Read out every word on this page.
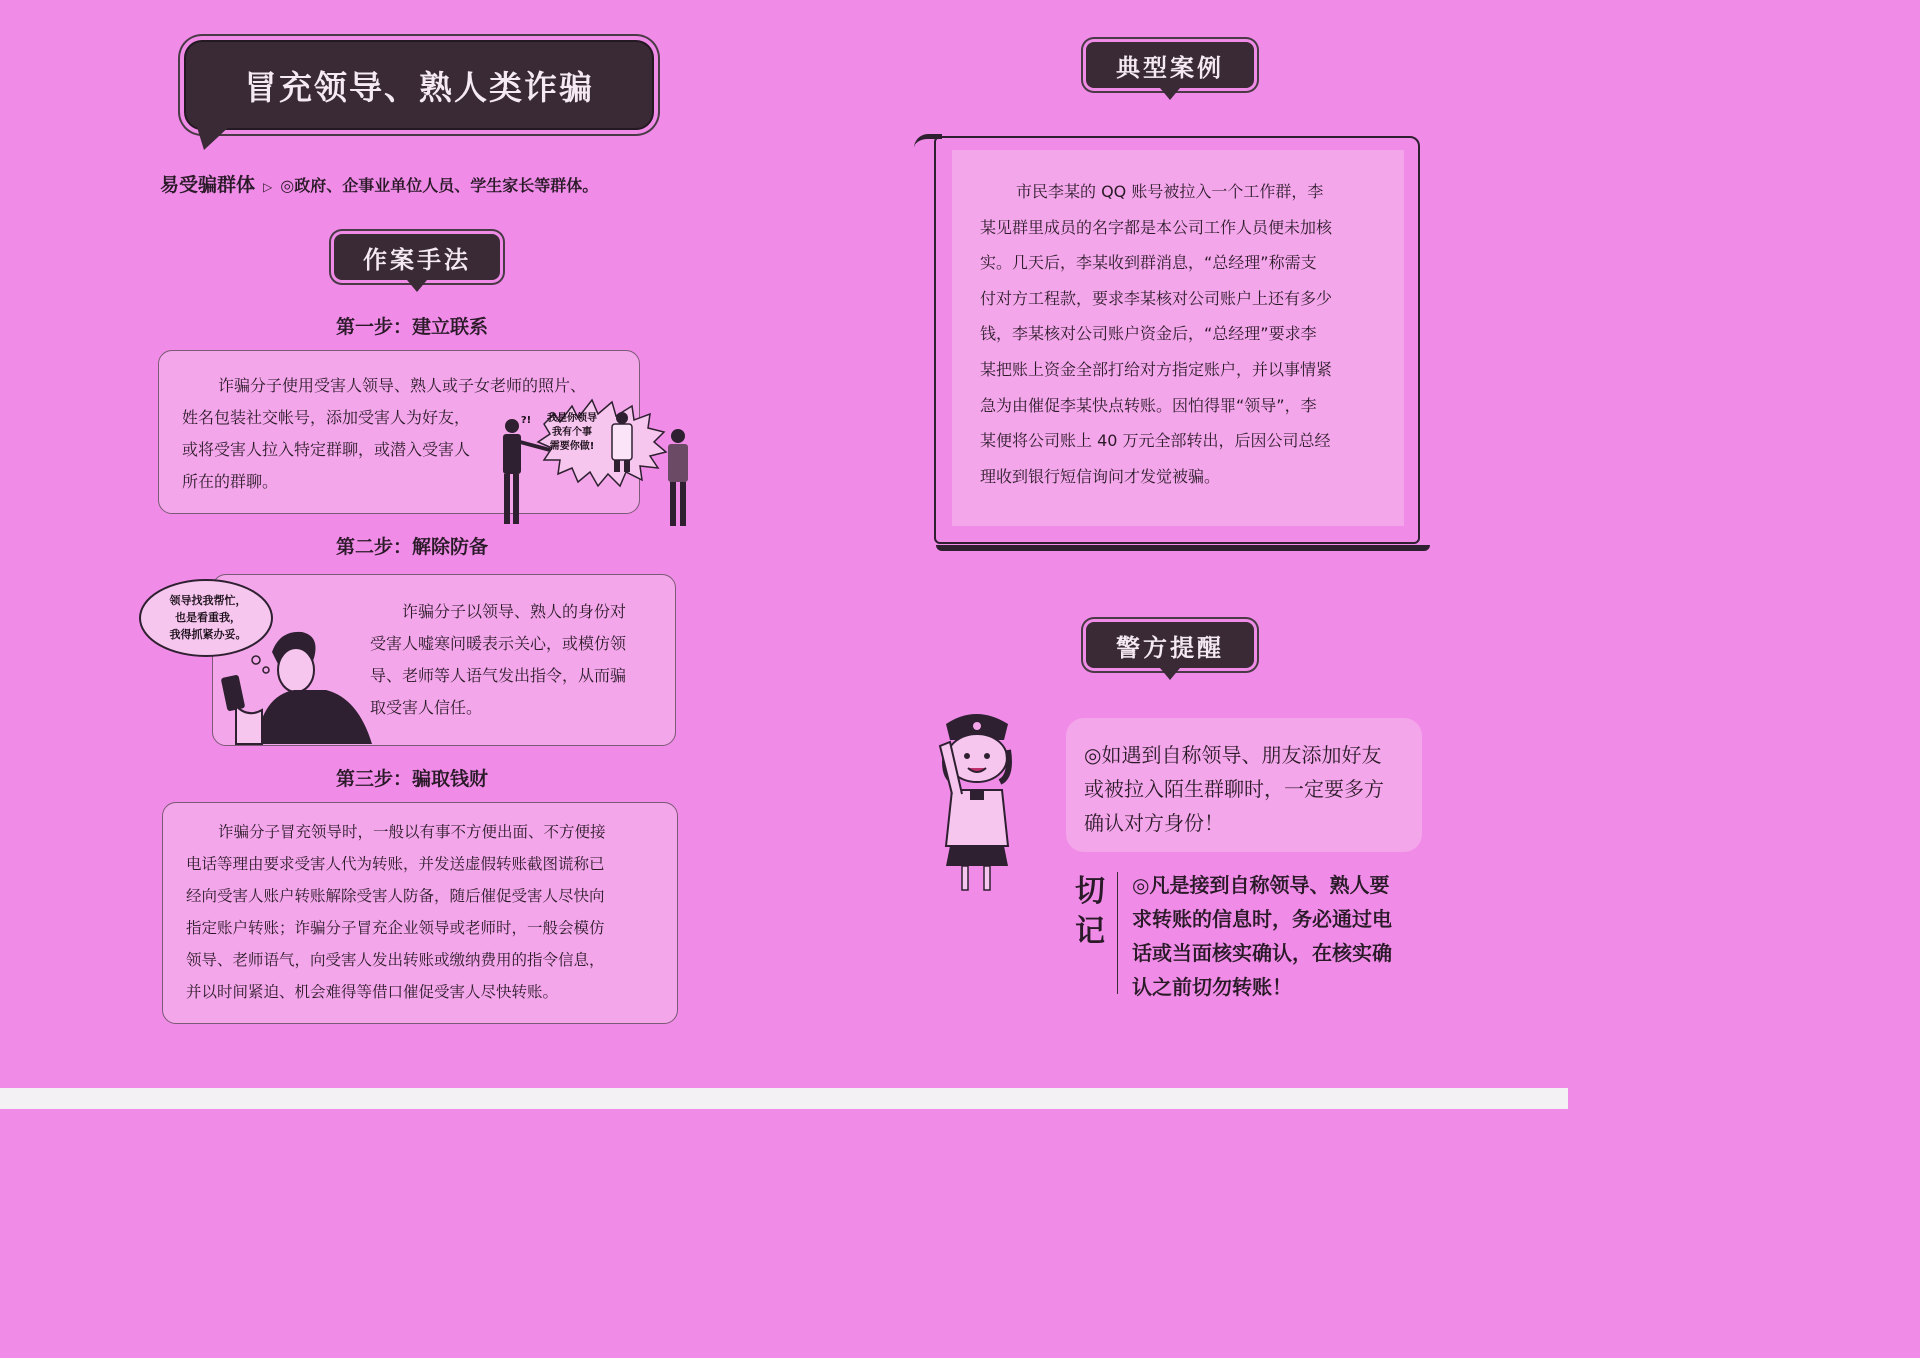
冒充领导、熟人类诈骗
易受骗群体 ▷ ◎政府、企事业单位人员、学生家长等群体。
作案手法
第一步：建立联系
诈骗分子使用受害人领导、熟人或子女老师的照片、
姓名包装社交帐号，添加受害人为好友，
或将受害人拉入特定群聊，或潜入受害人
所在的群聊。
?!	我是你领导
我有个事
需要你做!
第二步：解除防备
诈骗分子以领导、熟人的身份对
受害人嘘寒问暖表示关心，或模仿领
导、老师等人语气发出指令，从而骗
取受害人信任。
领导找我帮忙，
也是看重我，
我得抓紧办妥。
第三步：骗取钱财
诈骗分子冒充领导时，一般以有事不方便出面、不方便接
电话等理由要求受害人代为转账，并发送虚假转账截图谎称已
经向受害人账户转账解除受害人防备，随后催促受害人尽快向
指定账户转账；诈骗分子冒充企业领导或老师时，一般会模仿
领导、老师语气，向受害人发出转账或缴纳费用的指令信息，
并以时间紧迫、机会难得等借口催促受害人尽快转账。
典型案例
市民李某的 QQ 账号被拉入一个工作群，李
某见群里成员的名字都是本公司工作人员便未加核
实。几天后，李某收到群消息，“总经理”称需支
付对方工程款，要求李某核对公司账户上还有多少
钱，李某核对公司账户资金后，“总经理”要求李
某把账上资金全部打给对方指定账户，并以事情紧
急为由催促李某快点转账。因怕得罪“领导”，李
某便将公司账上 40 万元全部转出，后因公司总经
理收到银行短信询问才发觉被骗。
警方提醒
◎如遇到自称领导、朋友添加好友
或被拉入陌生群聊时，一定要多方
确认对方身份！
切
记
◎凡是接到自称领导、熟人要
求转账的信息时，务必通过电
话或当面核实确认，在核实确
认之前切勿转账！
